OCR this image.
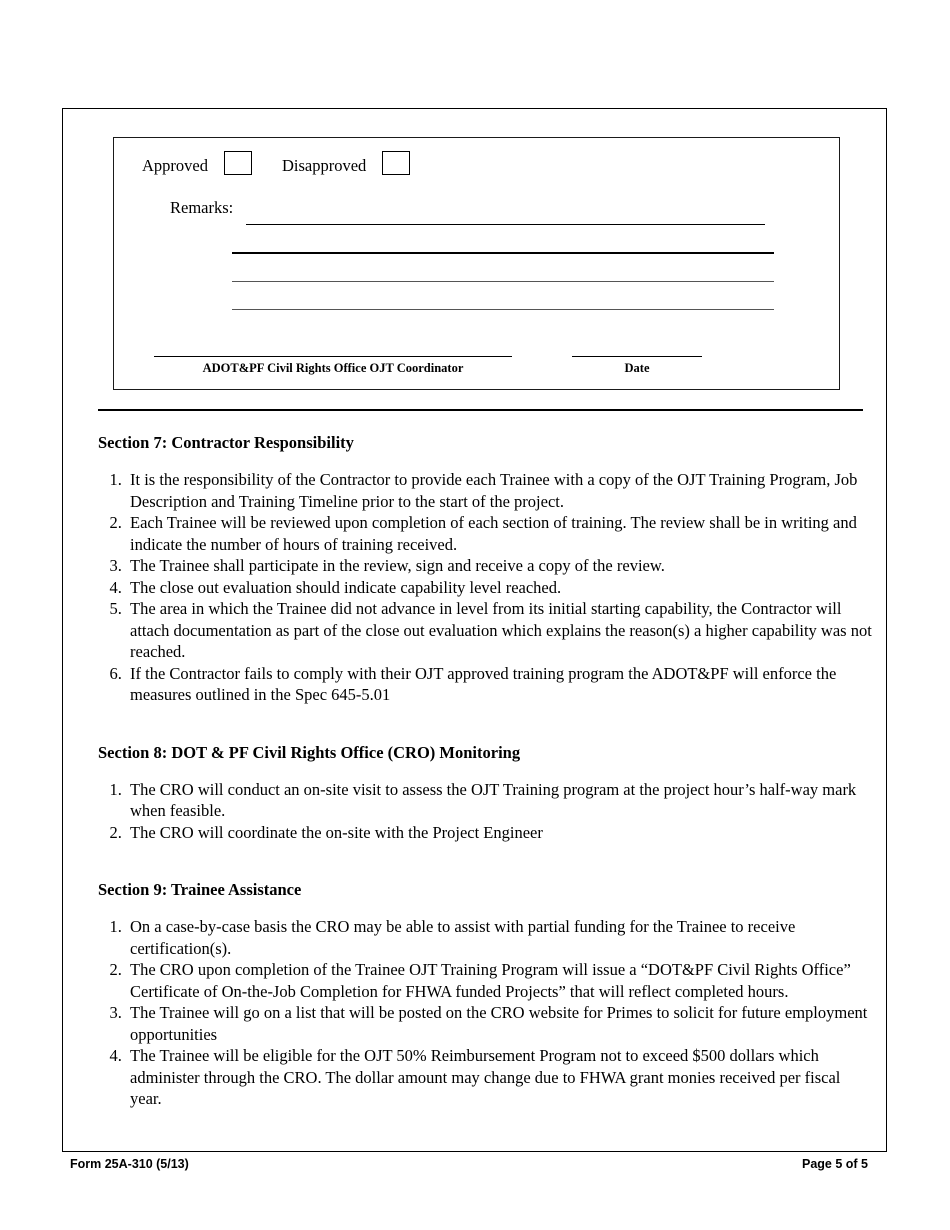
Approved	Disapproved
Remarks:
ADOT&PF Civil Rights Office OJT Coordinator	Date
Section 7: Contractor Responsibility
1. It is the responsibility of the Contractor to provide each Trainee with a copy of the OJT Training Program, Job Description and Training Timeline prior to the start of the project.
2. Each Trainee will be reviewed upon completion of each section of training. The review shall be in writing and indicate the number of hours of training received.
3. The Trainee shall participate in the review, sign and receive a copy of the review.
4. The close out evaluation should indicate capability level reached.
5. The area in which the Trainee did not advance in level from its initial starting capability, the Contractor will attach documentation as part of the close out evaluation which explains the reason(s) a higher capability was not reached.
6. If the Contractor fails to comply with their OJT approved training program the ADOT&PF will enforce the measures outlined in the Spec 645-5.01
Section 8: DOT & PF Civil Rights Office (CRO) Monitoring
1. The CRO will conduct an on-site visit to assess the OJT Training program at the project hour’s half-way mark when feasible.
2. The CRO will coordinate the on-site with the Project Engineer
Section 9: Trainee Assistance
1. On a case-by-case basis the CRO may be able to assist with partial funding for the Trainee to receive certification(s).
2. The CRO upon completion of the Trainee OJT Training Program will issue a “DOT&PF Civil Rights Office” Certificate of On-the-Job Completion for FHWA funded Projects” that will reflect completed hours.
3. The Trainee will go on a list that will be posted on the CRO website for Primes to solicit for future employment opportunities
4. The Trainee will be eligible for the OJT 50% Reimbursement Program not to exceed $500 dollars which administer through the CRO. The dollar amount may change due to FHWA grant monies received per fiscal year.
Form 25A-310 (5/13)	Page 5 of 5
